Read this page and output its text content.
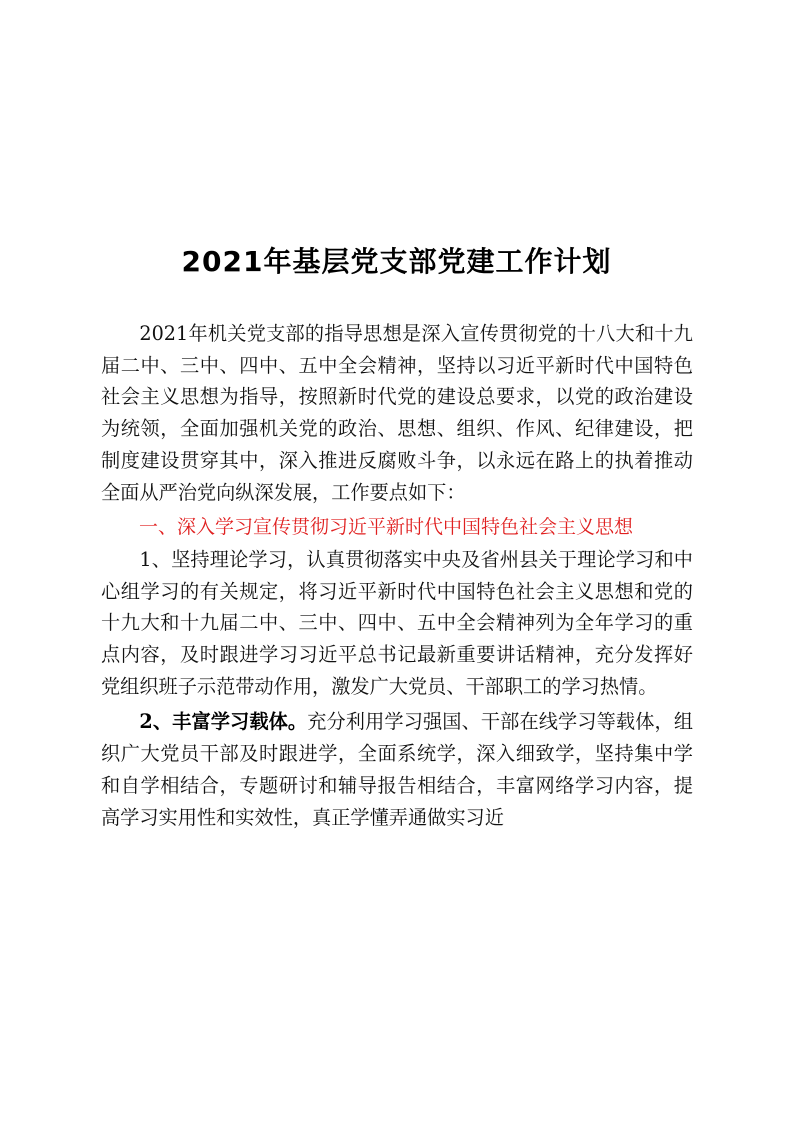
2021年基层党支部党建工作计划

2021年机关党支部的指导思想是深入宣传贯彻党的十八大和十九届二中、三中、四中、五中全会精神，坚持以习近平新时代中国特色社会主义思想为指导，按照新时代党的建设总要求，以党的政治建设为统领，全面加强机关党的政治、思想、组织、作风、纪律建设，把制度建设贯穿其中，深入推进反腐败斗争，以永远在路上的执着推动全面从严治党向纵深发展，工作要点如下：

一、深入学习宣传贯彻习近平新时代中国特色社会主义思想

1、坚持理论学习，认真贯彻落实中央及省州县关于理论学习和中心组学习的有关规定，将习近平新时代中国特色社会主义思想和党的十九大和十九届二中、三中、四中、五中全会精神列为全年学习的重点内容，及时跟进学习习近平总书记最新重要讲话精神，充分发挥好党组织班子示范带动作用，激发广大党员、干部职工的学习热情。

2、丰富学习载体。充分利用学习强国、干部在线学习等载体，组织广大党员干部及时跟进学，全面系统学，深入细致学，坚持集中学和自学相结合，专题研讨和辅导报告相结合，丰富网络学习内容，提高学习实用性和实效性，真正学懂弄通做实习近
